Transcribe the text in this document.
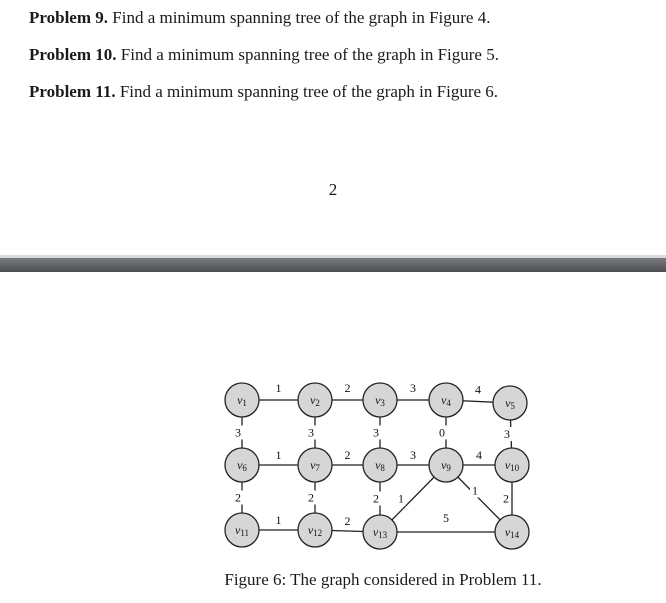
Problem 9. Find a minimum spanning tree of the graph in Figure 4.
Problem 10. Find a minimum spanning tree of the graph in Figure 5.
Problem 11. Find a minimum spanning tree of the graph in Figure 6.
2
1	2	3	4
3	3	3	0	3
1	2	3	4
2	2	2 1
1
2
1	2	5
$v_1$	$v_2$	$v_3$	$v_4$	$v_5$
$v_6$	$v_7$	$v_8$	$v_9$	$v_{10}$
$v_{11}$	$v_{12}$	$v_{13}$	$v_{14}$
Figure 6: The graph considered in Problem 11.
